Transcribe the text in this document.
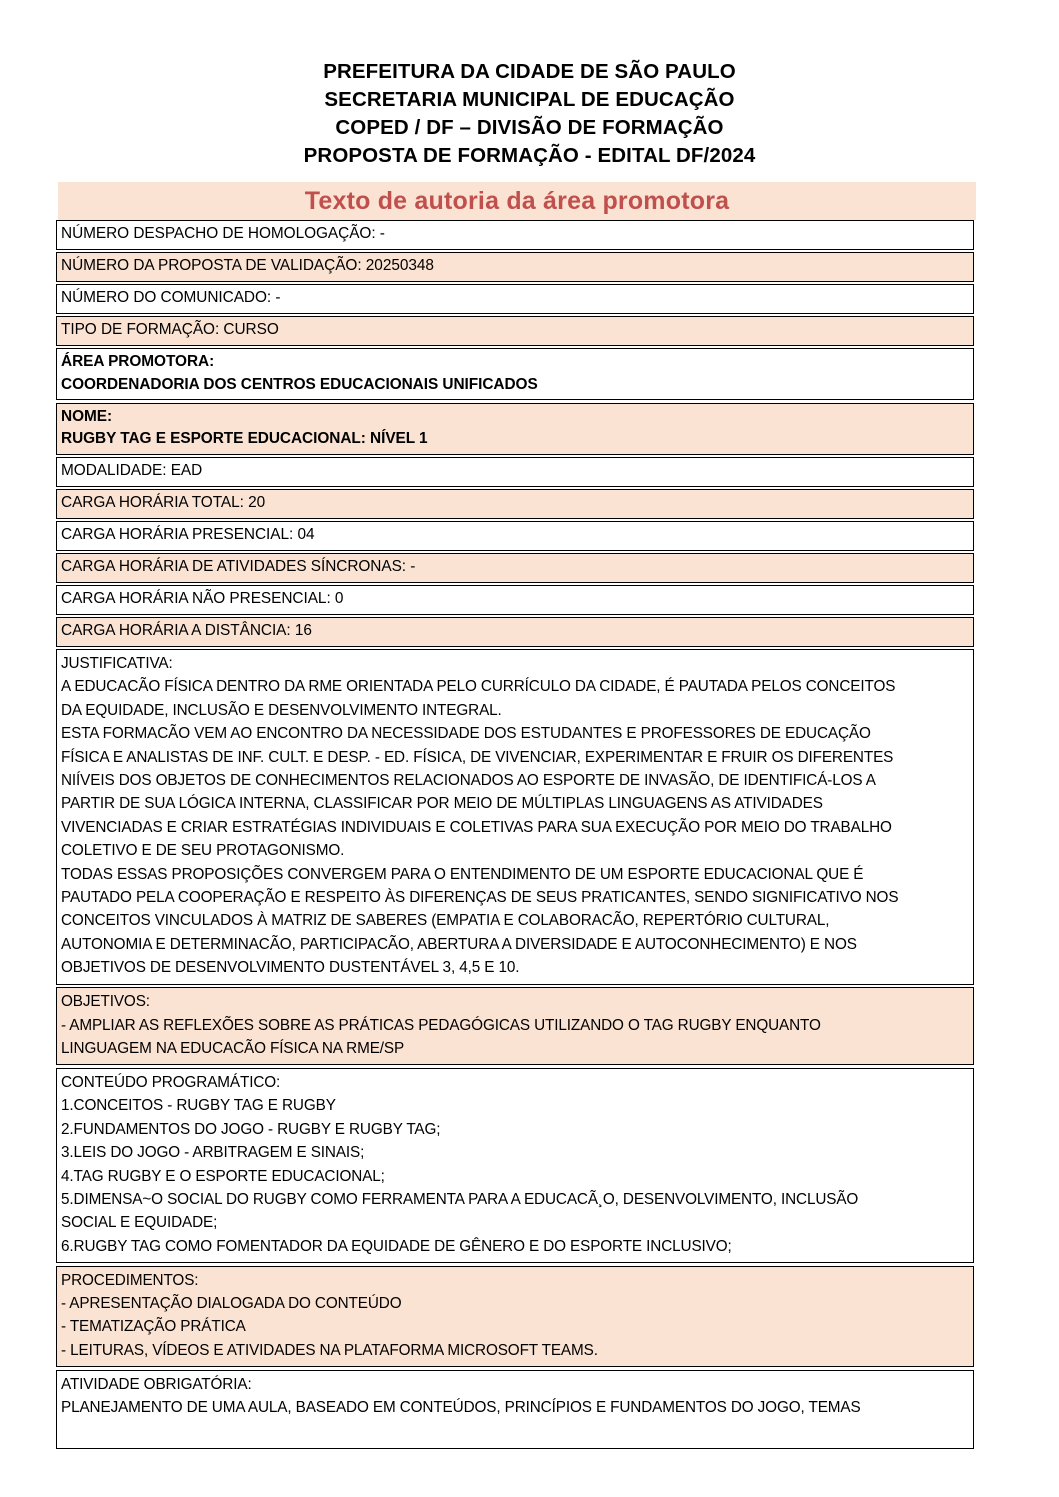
PREFEITURA DA CIDADE DE SÃO PAULO
SECRETARIA MUNICIPAL DE EDUCAÇÃO
COPED / DF – DIVISÃO DE FORMAÇÃO
PROPOSTA DE FORMAÇÃO - EDITAL DF/2024
Texto de autoria da área promotora
NÚMERO DESPACHO DE HOMOLOGAÇÃO: -
NÚMERO DA PROPOSTA DE VALIDAÇÃO: 20250348
NÚMERO DO COMUNICADO: -
TIPO DE FORMAÇÃO: CURSO
ÁREA PROMOTORA:
COORDENADORIA DOS CENTROS EDUCACIONAIS UNIFICADOS
NOME:
RUGBY TAG E ESPORTE EDUCACIONAL: NÍVEL 1
MODALIDADE: EAD
CARGA HORÁRIA TOTAL: 20
CARGA HORÁRIA PRESENCIAL: 04
CARGA HORÁRIA DE ATIVIDADES SÍNCRONAS: -
CARGA HORÁRIA NÃO PRESENCIAL: 0
CARGA HORÁRIA A DISTÂNCIA: 16
JUSTIFICATIVA:
A EDUCACÃO FÍSICA DENTRO DA RME ORIENTADA PELO CURRÍCULO DA CIDADE, É PAUTADA PELOS CONCEITOS
DA EQUIDADE, INCLUSÃO E DESENVOLVIMENTO INTEGRAL.
ESTA FORMACÃO VEM AO ENCONTRO DA NECESSIDADE DOS ESTUDANTES E PROFESSORES DE EDUCAÇÃO
FÍSICA E ANALISTAS DE INF. CULT. E DESP. - ED. FÍSICA, DE VIVENCIAR, EXPERIMENTAR E FRUIR OS DIFERENTES
NIÍVEIS DOS OBJETOS DE CONHECIMENTOS RELACIONADOS AO ESPORTE DE INVASÃO, DE IDENTIFICÁ-LOS A
PARTIR DE SUA LÓGICA INTERNA, CLASSIFICAR POR MEIO DE MÚLTIPLAS LINGUAGENS AS ATIVIDADES
VIVENCIADAS E CRIAR ESTRATÉGIAS INDIVIDUAIS E COLETIVAS PARA SUA EXECUÇÃO POR MEIO DO TRABALHO
COLETIVO E DE SEU PROTAGONISMO.
TODAS ESSAS PROPOSIÇÕES CONVERGEM PARA O ENTENDIMENTO DE UM ESPORTE EDUCACIONAL QUE É
PAUTADO PELA COOPERAÇÃO E RESPEITO ÀS DIFERENÇAS DE SEUS PRATICANTES, SENDO SIGNIFICATIVO NOS
CONCEITOS VINCULADOS À MATRIZ DE SABERES (EMPATIA E COLABORACÃO, REPERTÓRIO CULTURAL,
AUTONOMIA E DETERMINACÃO, PARTICIPACÃO, ABERTURA A DIVERSIDADE E AUTOCONHECIMENTO) E NOS
OBJETIVOS DE DESENVOLVIMENTO DUSTENTÁVEL 3, 4,5 E 10.
OBJETIVOS:
- AMPLIAR AS REFLEXÕES SOBRE AS PRÁTICAS PEDAGÓGICAS UTILIZANDO O TAG RUGBY ENQUANTO
LINGUAGEM NA EDUCACÃO FÍSICA NA RME/SP
CONTEÚDO PROGRAMÁTICO:
1.CONCEITOS - RUGBY TAG E RUGBY
2.FUNDAMENTOS DO JOGO - RUGBY E RUGBY TAG;
3.LEIS DO JOGO - ARBITRAGEM E SINAIS;
4.TAG RUGBY E O ESPORTE EDUCACIONAL;
5.DIMENSA~O SOCIAL DO RUGBY COMO FERRAMENTA PARA A EDUCACÃ¸O, DESENVOLVIMENTO, INCLUSÃO
SOCIAL E EQUIDADE;
6.RUGBY TAG COMO FOMENTADOR DA EQUIDADE DE GÊNERO E DO ESPORTE INCLUSIVO;
PROCEDIMENTOS:
- APRESENTAÇÃO DIALOGADA DO CONTEÚDO
- TEMATIZAÇÃO PRÁTICA
- LEITURAS, VÍDEOS E ATIVIDADES NA PLATAFORMA MICROSOFT TEAMS.
ATIVIDADE OBRIGATÓRIA:
PLANEJAMENTO DE UMA AULA, BASEADO EM CONTEÚDOS, PRINCÍPIOS E FUNDAMENTOS DO JOGO, TEMAS
